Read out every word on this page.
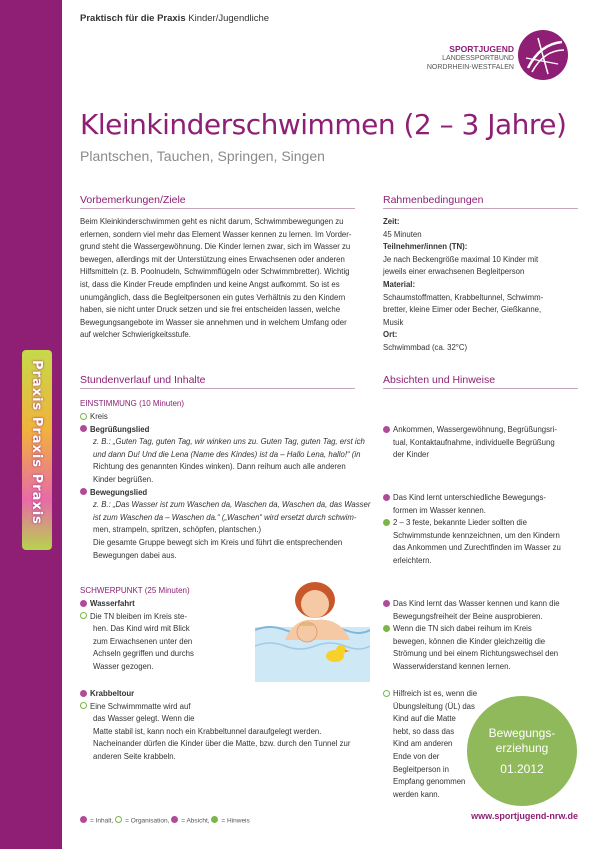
Praxis Praxis Praxis
Praktisch für die Praxis Kinder/Jugendliche
SPORTJUGEND
LANDESSPORTBUND
NORDRHEIN-WESTFALEN
Kleinkinderschwimmen (2 – 3 Jahre)
Plantschen, Tauchen, Springen, Singen
Vorbemerkungen/Ziele
Beim Kleinkinderschwimmen geht es nicht darum, Schwimmbewegungen zu
erlernen, sondern viel mehr das Element Wasser kennen zu lernen. Im Vorder-
grund steht die Wassergewöhnung. Die Kinder lernen zwar, sich im Wasser zu
bewegen, allerdings mit der Unterstützung eines Erwachsenen oder anderen
Hilfsmitteln (z. B. Poolnudeln, Schwimmflügeln oder Schwimmbretter). Wichtig
ist, dass die Kinder Freude empfinden und keine Angst aufkommt. So ist es
unumgänglich, dass die Begleitpersonen ein gutes Verhältnis zu den Kindern
haben, sie nicht unter Druck setzen und sie frei entscheiden lassen, welche
Bewegungsangebote im Wasser sie annehmen und in welchem Umfang oder
auf welcher Schwierigkeitsstufe.
Rahmenbedingungen
Zeit:
45 Minuten
Teilnehmer/innen (TN):
Je nach Beckengröße maximal 10 Kinder mit
jeweils einer erwachsenen Begleitperson
Material:
Schaumstoffmatten, Krabbeltunnel, Schwimm-
bretter, kleine Eimer oder Becher, Gießkanne,
Musik
Ort:
Schwimmbad (ca. 32°C)
Stundenverlauf und Inhalte
EINSTIMMUNG (10 Minuten)
Kreis
Begrüßungslied
z. B.: „Guten Tag, guten Tag, wir winken uns zu. Guten Tag, guten Tag, erst ich
und dann Du! Und die Lena (Name des Kindes) ist da – Hallo Lena, hallo!“ (in
Richtung des genannten Kindes winken). Dann reihum auch alle anderen
Kinder begrüßen.
Bewegungslied
z. B.: „Das Wasser ist zum Waschen da, Waschen da, Waschen da, das Wasser
ist zum Waschen da – Waschen da.“ („Waschen“ wird ersetzt durch schwim-
men, strampeln, spritzen, schöpfen, plantschen.)
Die gesamte Gruppe bewegt sich im Kreis und führt die entsprechenden
Bewegungen dabei aus.
SCHWERPUNKT (25 Minuten)
Wasserfahrt
Die TN bleiben im Kreis ste-
hen. Das Kind wird mit Blick
zum Erwachsenen unter den
Achseln gegriffen und durchs
Wasser gezogen.
Krabbeltour
Eine Schwimmmatte wird auf
das Wasser gelegt. Wenn die
Matte stabil ist, kann noch ein Krabbeltunnel daraufgelegt werden.
Nacheinander dürfen die Kinder über die Matte, bzw. durch den Tunnel zur
anderen Seite krabbeln.
Absichten und Hinweise
Ankommen, Wassergewöhnung, Begrüßungsri-
tual, Kontaktaufnahme, individuelle Begrüßung
der Kinder
Das Kind lernt unterschiedliche Bewegungs-
formen im Wasser kennen.
2 – 3 feste, bekannte Lieder sollten die
Schwimmstunde kennzeichnen, um den Kindern
das Ankommen und Zurechtfinden im Wasser zu
erleichtern.
Das Kind lernt das Wasser kennen und kann die
Bewegungsfreiheit der Beine ausprobieren.
Wenn die TN sich dabei reihum im Kreis
bewegen, können die Kinder gleichzeitig die
Strömung und bei einem Richtungswechsel den
Wasserwiderstand kennen lernen.
Hilfreich ist es, wenn die
Übungsleitung (ÜL) das
Kind auf die Matte
hebt, so dass das
Kind am anderen
Ende von der
Begleitperson in
Empfang genommen
werden kann.
Bewegungs-
erziehung
01.2012
= Inhalt, = Organisation, = Absicht, = Hinweis	www.sportjugend-nrw.de
